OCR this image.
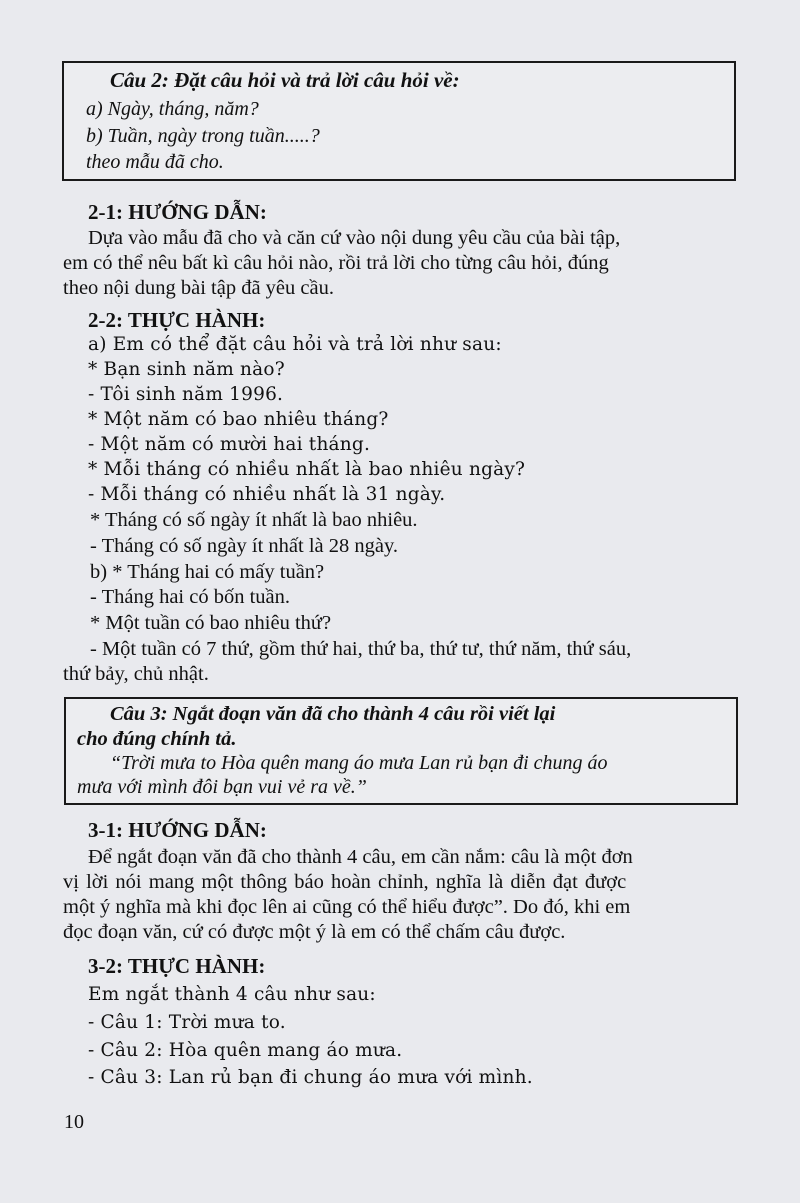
Câu 2: Đặt câu hỏi và trả lời câu hỏi về:
a) Ngày, tháng, năm?
b) Tuần, ngày trong tuần.....?
theo mẫu đã cho.
2-1: HƯỚNG DẪN:
Dựa vào mẫu đã cho và căn cứ vào nội dung yêu cầu của bài tập,
em có thể nêu bất kì câu hỏi nào, rồi trả lời cho từng câu hỏi, đúng
theo nội dung bài tập đã yêu cầu.
2-2: THỰC HÀNH:
a) Em có thể đặt câu hỏi và trả lời như sau:
* Bạn sinh năm nào?
- Tôi sinh năm 1996.
* Một năm có bao nhiêu tháng?
- Một năm có mười hai tháng.
* Mỗi tháng có nhiều nhất là bao nhiêu ngày?
- Mỗi tháng có nhiều nhất là 31 ngày.
* Tháng có số ngày ít nhất là bao nhiêu.
- Tháng có số ngày ít nhất là 28 ngày.
b) * Tháng hai có mấy tuần?
- Tháng hai có bốn tuần.
* Một tuần có bao nhiêu thứ?
- Một tuần có 7 thứ, gồm thứ hai, thứ ba, thứ tư, thứ năm, thứ sáu,
thứ bảy, chủ nhật.
Câu 3: Ngắt đoạn văn đã cho thành 4 câu rồi viết lại
cho đúng chính tả.
“Trời mưa to Hòa quên mang áo mưa Lan rủ bạn đi chung áo
mưa với mình đôi bạn vui vẻ ra về.”
3-1: HƯỚNG DẪN:
Để ngắt đoạn văn đã cho thành 4 câu, em cần nắm: câu là một đơn
vị lời nói mang một thông báo hoàn chỉnh, nghĩa là diễn đạt được
một ý nghĩa mà khi đọc lên ai cũng có thể hiểu được”. Do đó, khi em
đọc đoạn văn, cứ có được một ý là em có thể chấm câu được.
3-2: THỰC HÀNH:
Em ngắt thành 4 câu như sau:
- Câu 1: Trời mưa to.
- Câu 2: Hòa quên mang áo mưa.
- Câu 3: Lan rủ bạn đi chung áo mưa với mình.
10
